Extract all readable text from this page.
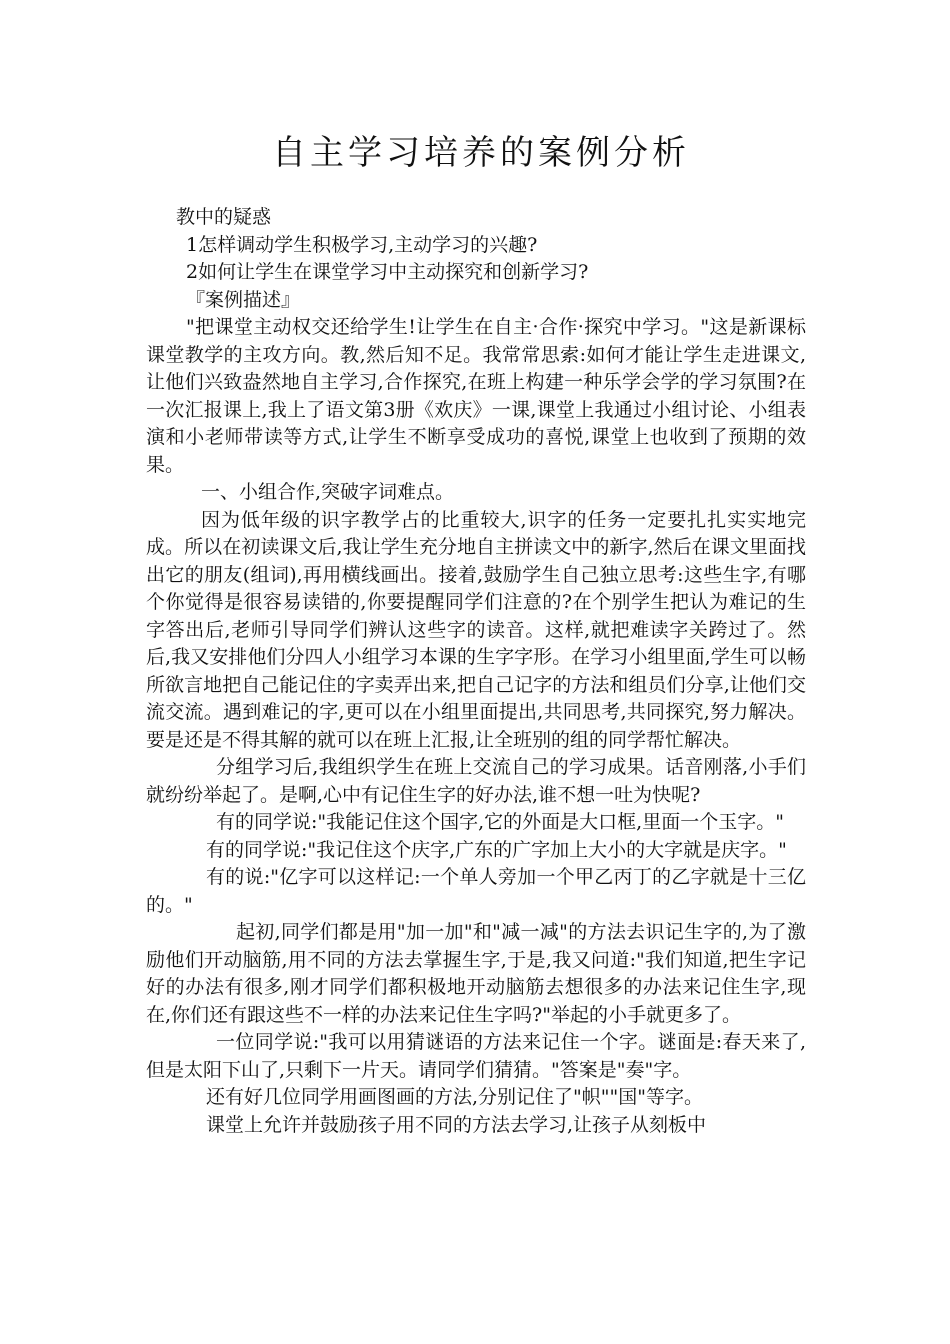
自主学习培养的案例分析

教中的疑惑

1怎样调动学生积极学习,主动学习的兴趣?

2如何让学生在课堂学习中主动探究和创新学习?

『案例描述』

"把课堂主动权交还给学生!让学生在自主·合作·探究中学习。"这是新课标课堂教学的主攻方向。教,然后知不足。我常常思索:如何才能让学生走进课文,让他们兴致盎然地自主学习,合作探究,在班上构建一种乐学会学的学习氛围?在一次汇报课上,我上了语文第3册《欢庆》一课,课堂上我通过小组讨论、小组表演和小老师带读等方式,让学生不断享受成功的喜悦,课堂上也收到了预期的效果。

一、小组合作,突破字词难点。

因为低年级的识字教学占的比重较大,识字的任务一定要扎扎实实地完成。所以在初读课文后,我让学生充分地自主拼读文中的新字,然后在课文里面找出它的朋友(组词),再用横线画出。接着,鼓励学生自己独立思考:这些生字,有哪个你觉得是很容易读错的,你要提醒同学们注意的?在个别学生把认为难记的生字答出后,老师引导同学们辨认这些字的读音。这样,就把难读字关跨过了。然后,我又安排他们分四人小组学习本课的生字字形。在学习小组里面,学生可以畅所欲言地把自己能记住的字卖弄出来,把自己记字的方法和组员们分享,让他们交流交流。遇到难记的字,更可以在小组里面提出,共同思考,共同探究,努力解决。要是还是不得其解的就可以在班上汇报,让全班别的组的同学帮忙解决。

分组学习后,我组织学生在班上交流自己的学习成果。话音刚落,小手们就纷纷举起了。是啊,心中有记住生字的好办法,谁不想一吐为快呢?

有的同学说:"我能记住这个国字,它的外面是大口框,里面一个玉字。"

有的同学说:"我记住这个庆字,广东的广字加上大小的大字就是庆字。"

有的说:"亿字可以这样记:一个单人旁加一个甲乙丙丁的乙字就是十三亿的。"

起初,同学们都是用"加一加"和"减一减"的方法去识记生字的,为了激励他们开动脑筋,用不同的方法去掌握生字,于是,我又问道:"我们知道,把生字记好的办法有很多,刚才同学们都积极地开动脑筋去想很多的办法来记住生字,现在,你们还有跟这些不一样的办法来记住生字吗?"举起的小手就更多了。

一位同学说:"我可以用猜谜语的方法来记住一个字。谜面是:春天来了,但是太阳下山了,只剩下一片天。请同学们猜猜。"答案是"奏"字。

还有好几位同学用画图画的方法,分别记住了"帜""国"等字。

课堂上允许并鼓励孩子用不同的方法去学习,让孩子从刻板中
